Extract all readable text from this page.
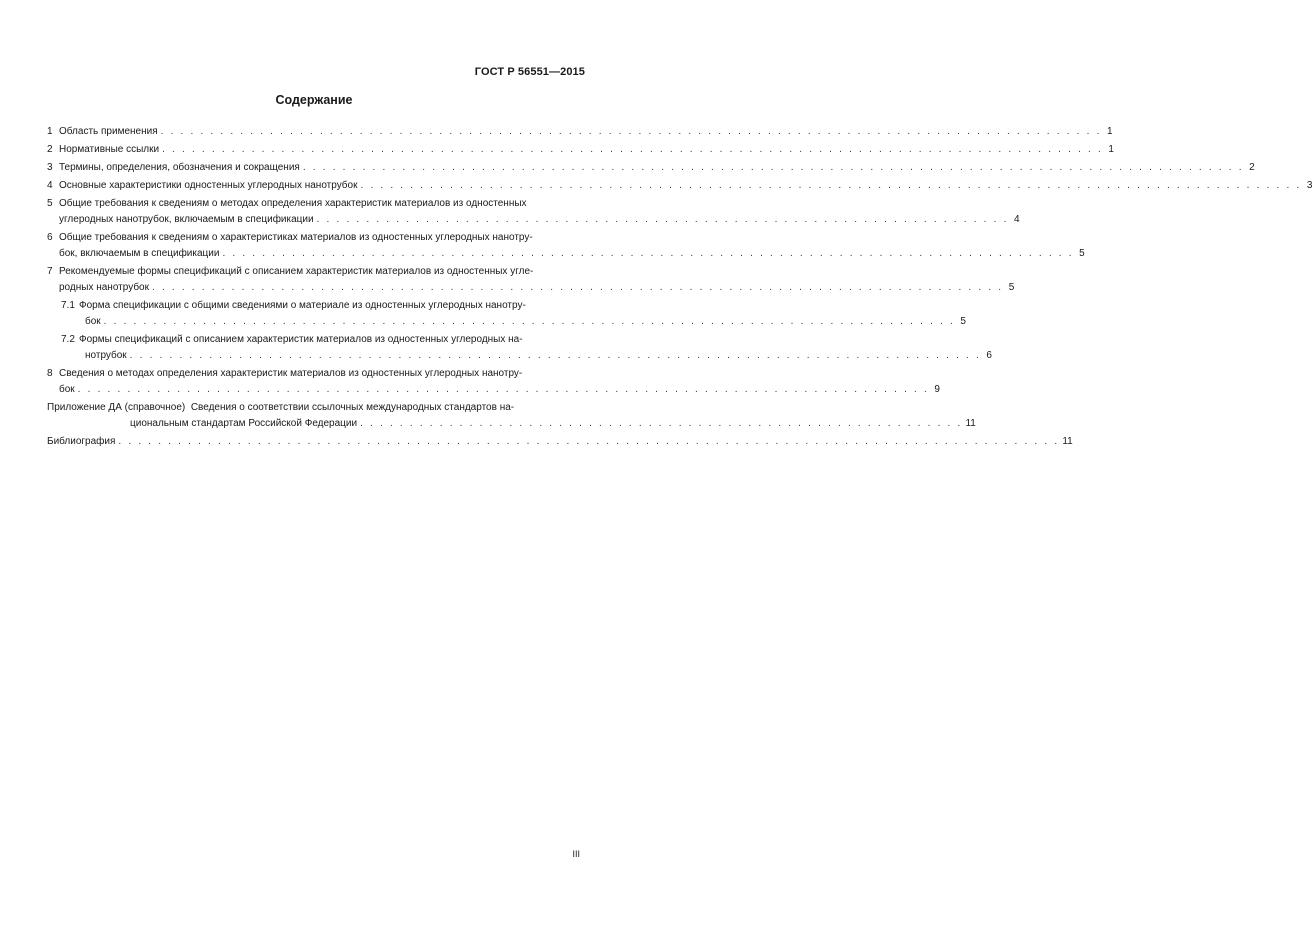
ГОСТ Р 56551—2015
Содержание
1 Область применения . . . . . . . . . . . . . . . . . . . . . . . . . . . . . . . . . . . . . . . . . . . . . . . . . . . . . . . . . . . . . . . . . . . . . . . . . . . . . . . . . . . . . . . . . . . . . . . 1
2 Нормативные ссылки . . . . . . . . . . . . . . . . . . . . . . . . . . . . . . . . . . . . . . . . . . . . . . . . . . . . . . . . . . . . . . . . . . . . . . . . . . . . . . . . . . . . . . . . . . . . . . . 1
3 Термины, определения, обозначения и сокращения . . . . . . . . . . . . . . . . . . . . . . . . . . . . . . . . . . . . . . . . . . . . . . . . . . . . . . . . . . . . . . . . . . . . . . . . . . . . . . . . . . . . . . . . . . . . . . . 2
4 Основные характеристики одностенных углеродных нанотрубок . . . . . . . . . . . . . . . . . . . . . . . . . . . . . . . . . . . . . . . . . . . . . . . . . . . . . . . . . . . . . . . . . . . . . . . . . . . . . . . . . . . . . . . . . . . . . . . 3
5 Общие требования к сведениям о методах определения характеристик материалов из одностенных
углеродных нанотрубок, включаемым в спецификации . . . . . . . . . . . . . . . . . . . . . . . . . . . . . . . . . . . . . . . . . . . . . . . . . . . . . . . . . . . . . . . . . . . . . . 4
6 Общие требования к сведениям о характеристиках материалов из одностенных углеродных нанотру-
бок, включаемым в спецификации . . . . . . . . . . . . . . . . . . . . . . . . . . . . . . . . . . . . . . . . . . . . . . . . . . . . . . . . . . . . . . . . . . . . . . . . . . . . . . . . . . . . . . 5
7 Рекомендуемые формы спецификаций с описанием характеристик материалов из одностенных угле-
родных нанотрубок . . . . . . . . . . . . . . . . . . . . . . . . . . . . . . . . . . . . . . . . . . . . . . . . . . . . . . . . . . . . . . . . . . . . . . . . . . . . . . . . . . . . . . 5
7.1 Форма спецификации с общими сведениями о материале из одностенных углеродных нанотру-
бок . . . . . . . . . . . . . . . . . . . . . . . . . . . . . . . . . . . . . . . . . . . . . . . . . . . . . . . . . . . . . . . . . . . . . . . . . . . . . . . . . . . . . . 5
7.2 Формы спецификаций с описанием характеристик материалов из одностенных углеродных на-
нотрубок . . . . . . . . . . . . . . . . . . . . . . . . . . . . . . . . . . . . . . . . . . . . . . . . . . . . . . . . . . . . . . . . . . . . . . . . . . . . . . . . . . . . . . 6
8 Сведения о методах определения характеристик материалов из одностенных углеродных нанотру-
бок . . . . . . . . . . . . . . . . . . . . . . . . . . . . . . . . . . . . . . . . . . . . . . . . . . . . . . . . . . . . . . . . . . . . . . . . . . . . . . . . . . . . . . 9
Приложение ДА (справочное) Сведения о соответствии ссылочных международных стандартов на-
циональным стандартам Российской Федерации . . . . . . . . . . . . . . . . . . . . . . . . . . . . . . . . . . . . . . . . . . . . . . . . . . . . . . . . . . . . . 11
Библиография . . . . . . . . . . . . . . . . . . . . . . . . . . . . . . . . . . . . . . . . . . . . . . . . . . . . . . . . . . . . . . . . . . . . . . . . . . . . . . . . . . . . . . . . . . . . . . . 11
III
